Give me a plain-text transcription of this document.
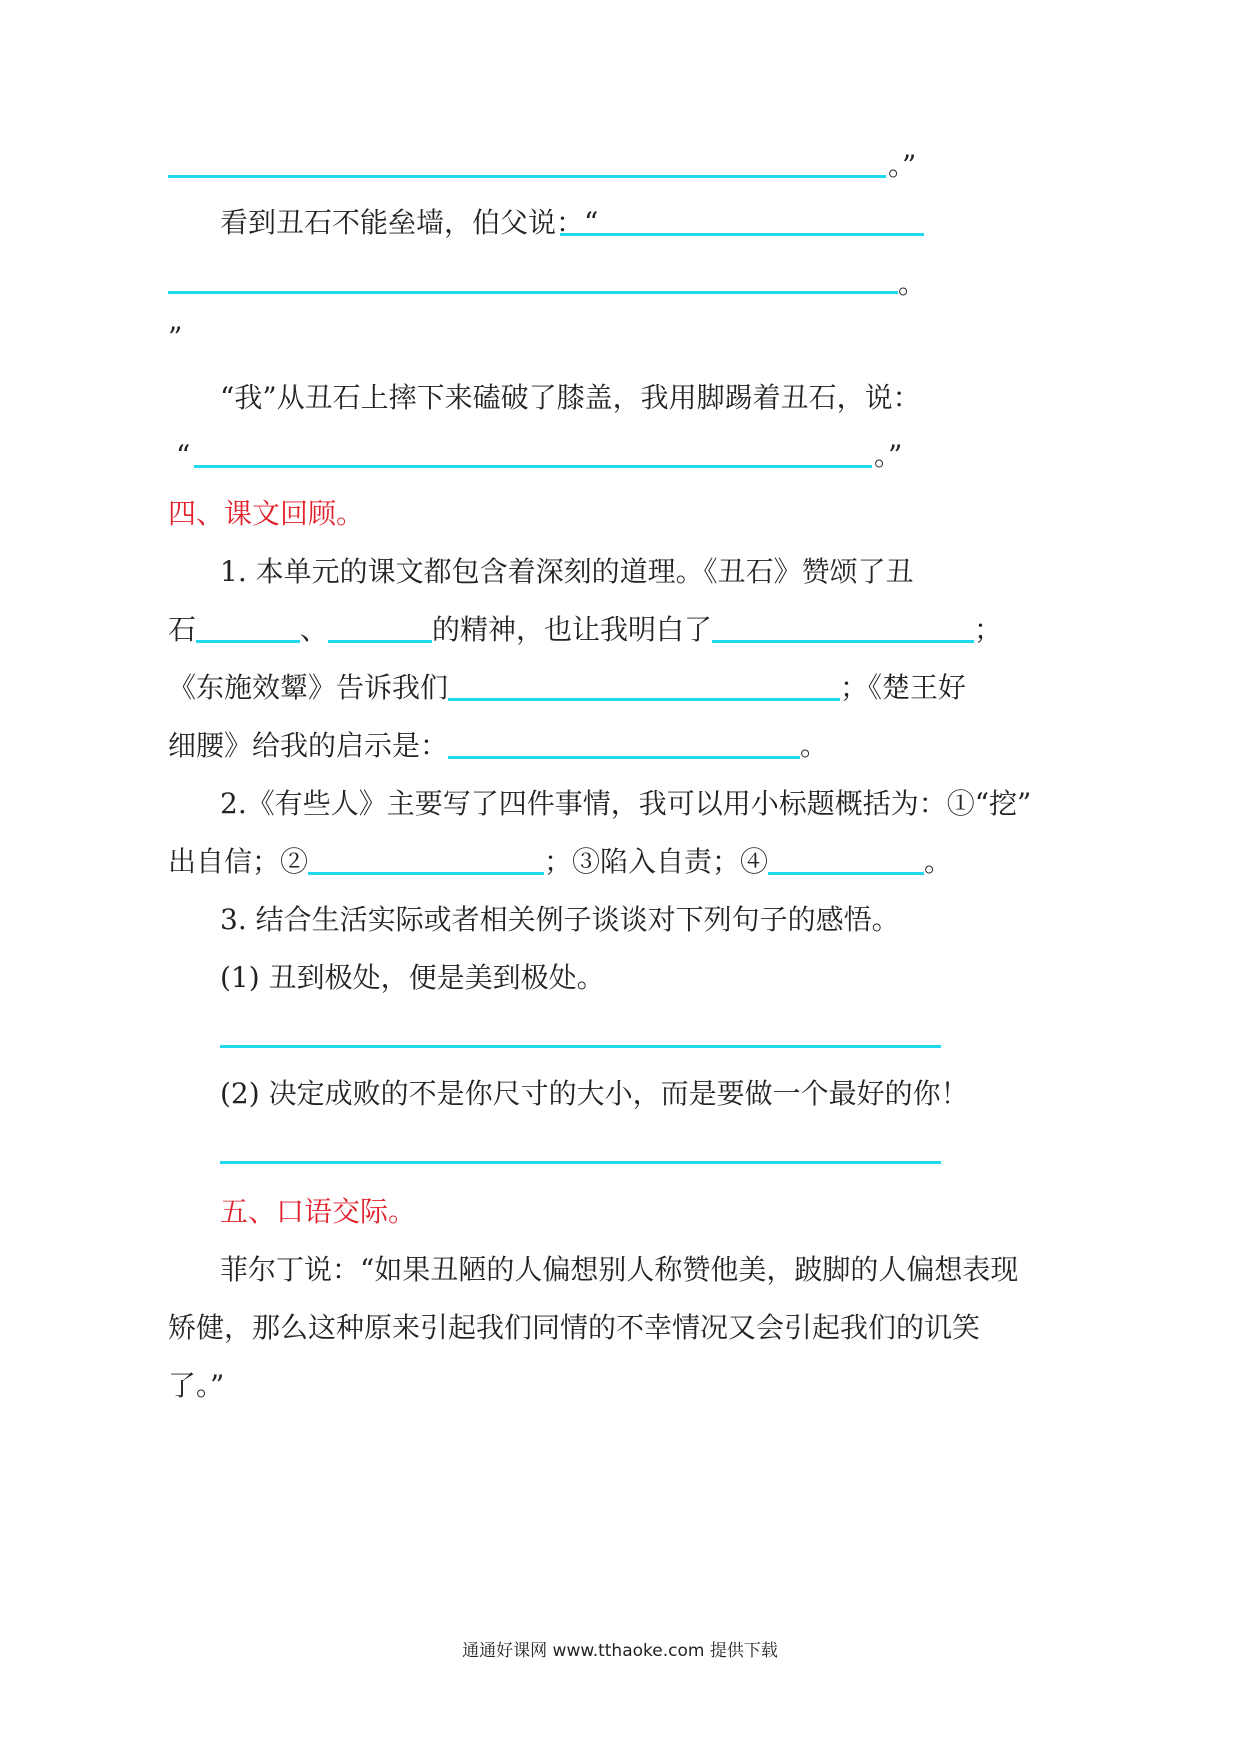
。”
看到丑石不能垒墙，伯父说：“
。
”
“我”从丑石上摔下来磕破了膝盖，我用脚踢着丑石，说：
“	。”
四、课文回顾。
1. 本单元的课文都包含着深刻的道理。《丑石》赞颂了丑
石	、	的精神，也让我明白了	；
《东施效颦》告诉我们	；《楚王好
细腰》给我的启示是：	。
2.《有些人》主要写了四件事情，我可以用小标题概括为：①“挖”
出自信；②	；③陷入自责；④	。
3. 结合生活实际或者相关例子谈谈对下列句子的感悟。
(1) 丑到极处，便是美到极处。
(2) 决定成败的不是你尺寸的大小，而是要做一个最好的你！
五、口语交际。
菲尔丁说：“如果丑陋的人偏想别人称赞他美，跛脚的人偏想表现
矫健，那么这种原来引起我们同情的不幸情况又会引起我们的讥笑
了。”
通通好课网 www.tthaoke.com 提供下载
